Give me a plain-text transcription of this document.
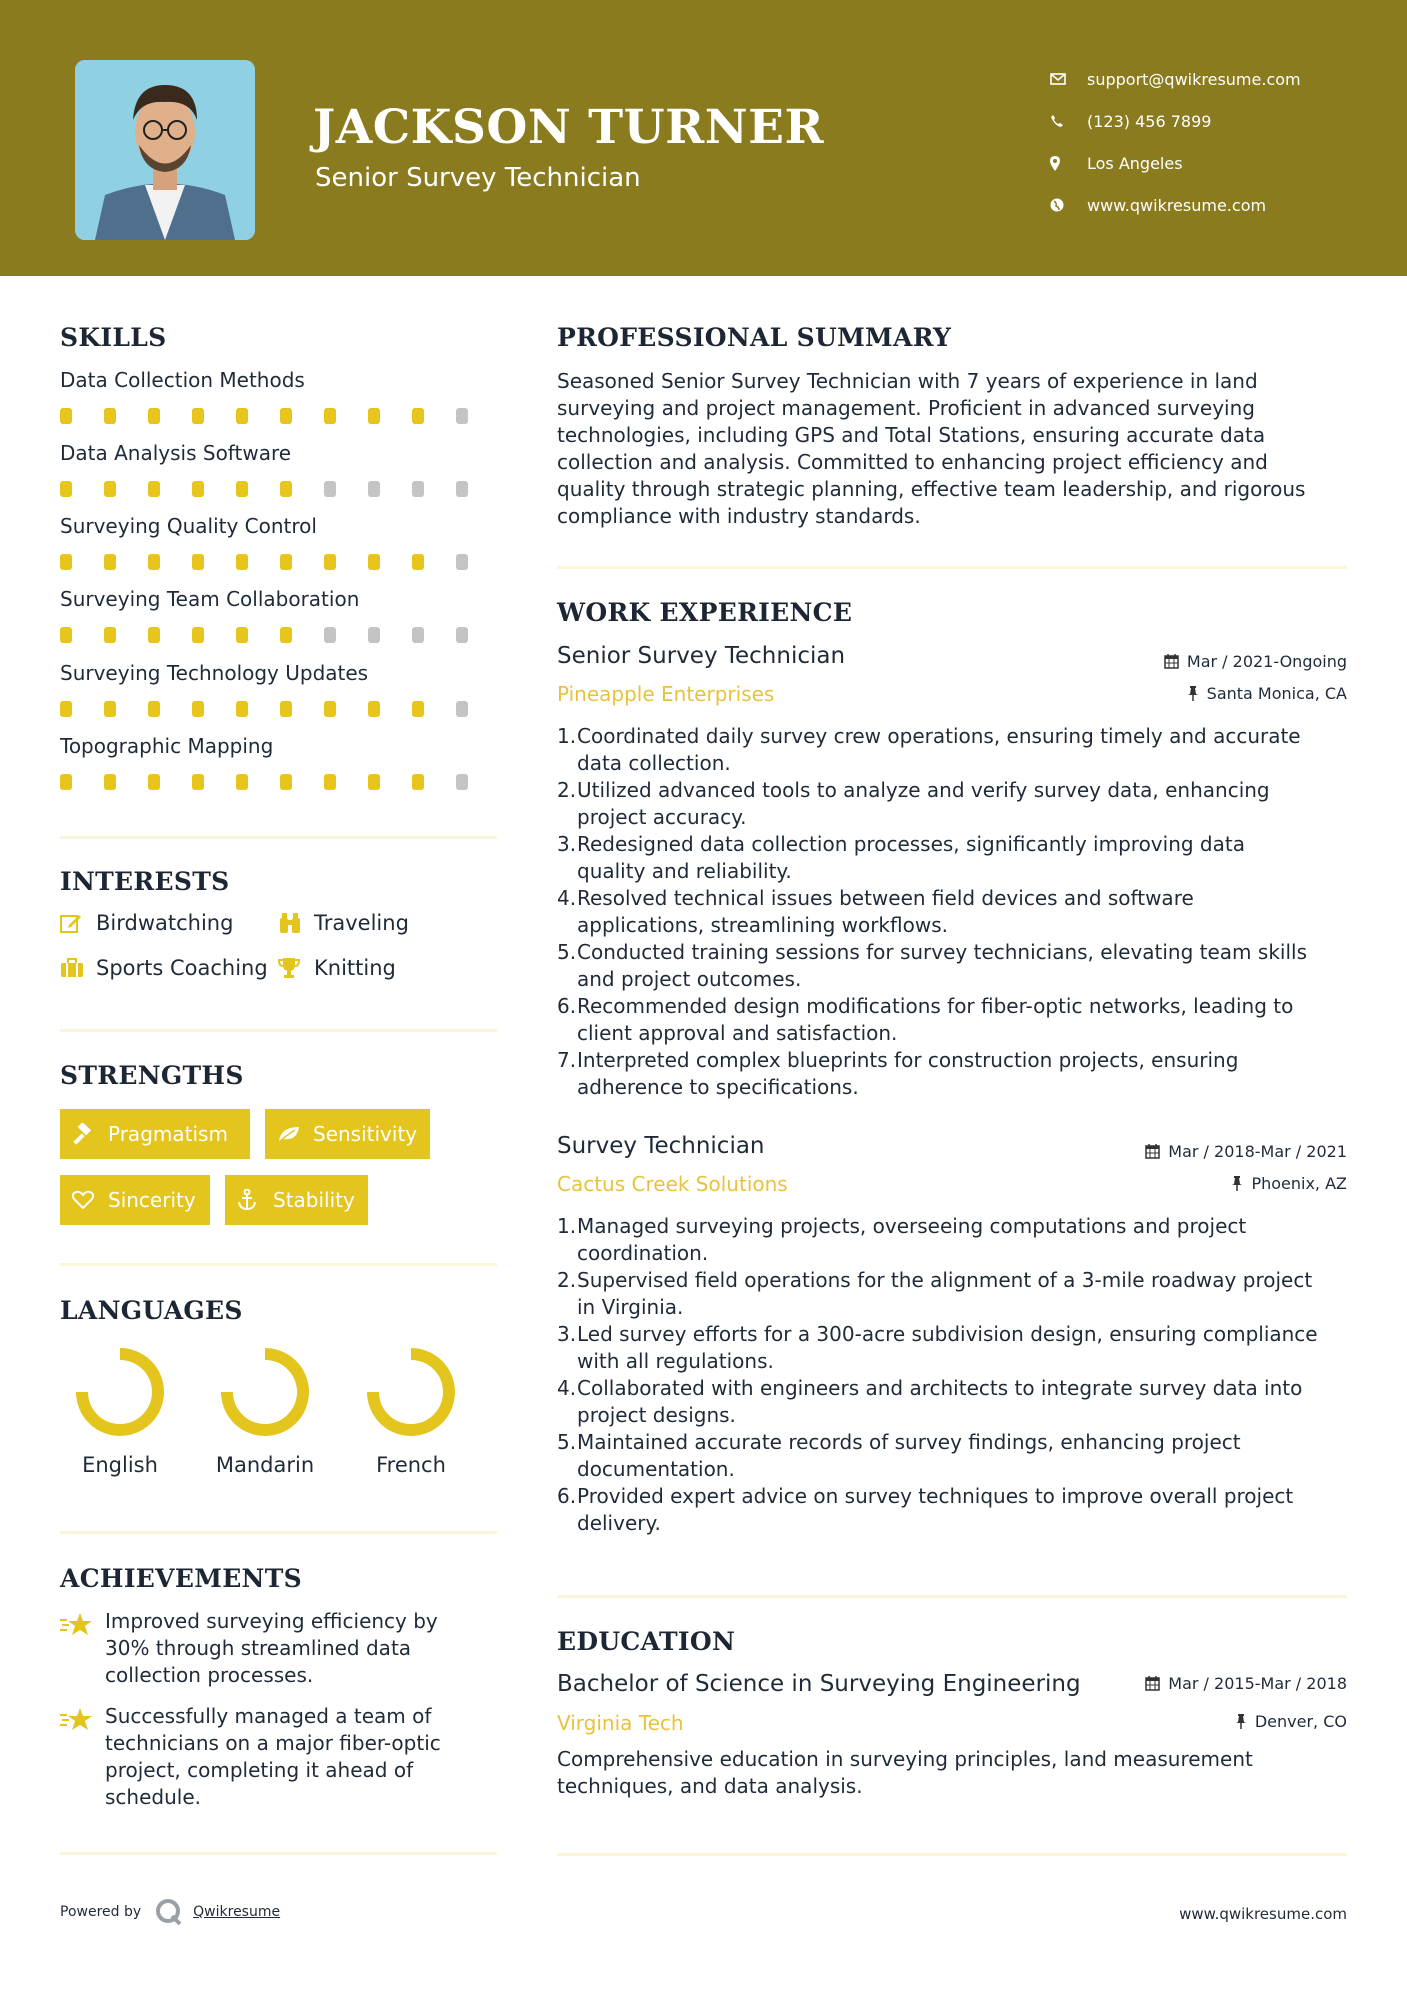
JACKSON TURNER
Senior Survey Technician
support@qwikresume.com
(123) 456 7899
Los Angeles
www.qwikresume.com
SKILLS
Data Collection Methods
Data Analysis Software
Surveying Quality Control
Surveying Team Collaboration
Surveying Technology Updates
Topographic Mapping
INTERESTS
Birdwatching	Traveling
Sports Coaching Knitting
STRENGTHS
Pragmatism	Sensitivity
Sincerity	Stability
LANGUAGES
English	Mandarin	French
ACHIEVEMENTS
Improved surveying efficiency by
30% through streamlined data
collection processes.
Successfully managed a team of
technicians on a major fiber-optic
project, completing it ahead of
schedule.
PROFESSIONAL SUMMARY
Seasoned Senior Survey Technician with 7 years of experience in land
surveying and project management. Proficient in advanced surveying
technologies, including GPS and Total Stations, ensuring accurate data
collection and analysis. Committed to enhancing project efficiency and
quality through strategic planning, effective team leadership, and rigorous
compliance with industry standards.
WORK EXPERIENCE
Senior Survey Technician	Mar / 2021-Ongoing
Pineapple Enterprises	Santa Monica, CA
1. Coordinated daily survey crew operations, ensuring timely and accurate
data collection.
2. Utilized advanced tools to analyze and verify survey data, enhancing
project accuracy.
3. Redesigned data collection processes, significantly improving data
quality and reliability.
4. Resolved technical issues between field devices and software
applications, streamlining workflows.
5. Conducted training sessions for survey technicians, elevating team skills
and project outcomes.
6. Recommended design modifications for fiber-optic networks, leading to
client approval and satisfaction.
7. Interpreted complex blueprints for construction projects, ensuring
adherence to specifications.
Survey Technician	Mar / 2018-Mar / 2021
Cactus Creek Solutions	Phoenix, AZ
1. Managed surveying projects, overseeing computations and project
coordination.
2. Supervised field operations for the alignment of a 3-mile roadway project
in Virginia.
3. Led survey efforts for a 300-acre subdivision design, ensuring compliance
with all regulations.
4. Collaborated with engineers and architects to integrate survey data into
project designs.
5. Maintained accurate records of survey findings, enhancing project
documentation.
6. Provided expert advice on survey techniques to improve overall project
delivery.
EDUCATION
Bachelor of Science in Surveying Engineering	Mar / 2015-Mar / 2018
Virginia Tech	Denver, CO
Comprehensive education in surveying principles, land measurement
techniques, and data analysis.
Powered by	Qwikresume	www.qwikresume.com
